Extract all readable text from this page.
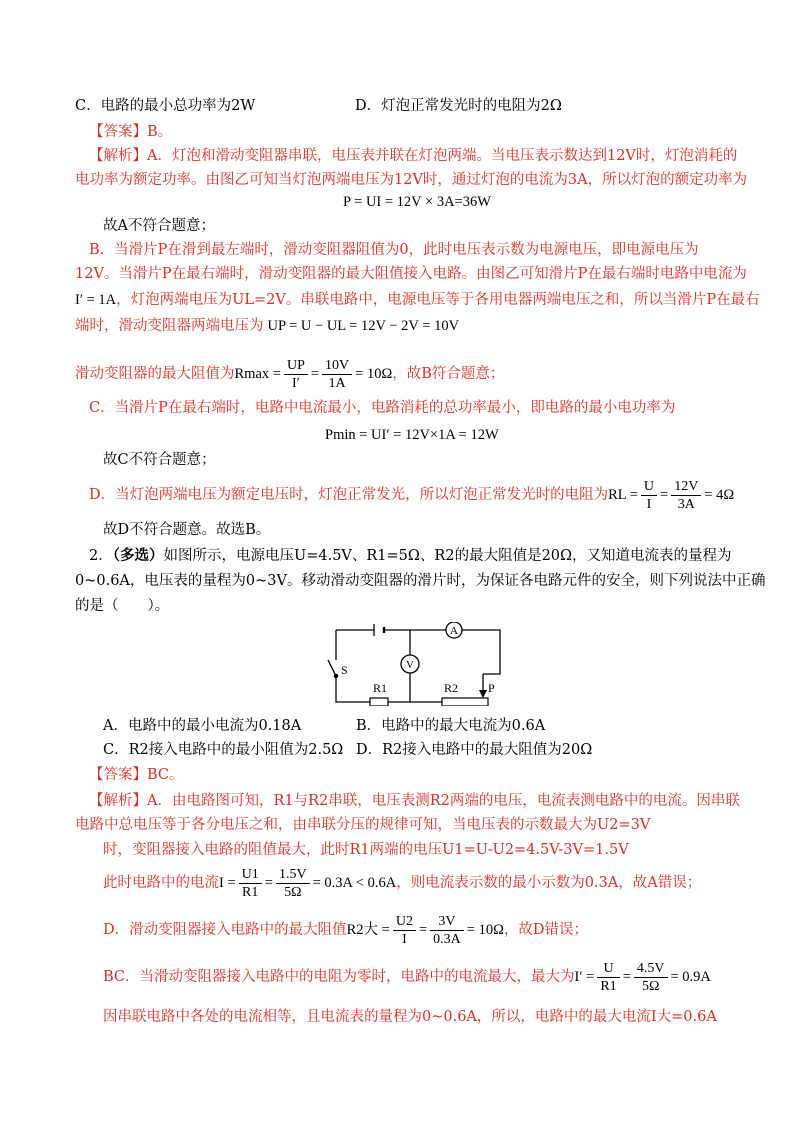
C．电路的最小总功率为2W	D．灯泡正常发光时的电阻为2Ω
【答案】B。
【解析】A．灯泡和滑动变阻器串联，电压表并联在灯泡两端。当电压表示数达到12V时，灯泡消耗的
电功率为额定功率。由图乙可知当灯泡两端电压为12V时，通过灯泡的电流为3A，所以灯泡的额定功率为
P = UI = 12V × 3A=36W
故A不符合题意；
B．当滑片P在滑到最左端时，滑动变阻器阻值为0，此时电压表示数为电源电压，即电源电压为
12V。当滑片P在最右端时，滑动变阻器的最大阻值接入电路。由图乙可知滑片P在最右端时电路中电流为
I′ = 1A，灯泡两端电压为UL=2V。串联电路中，电源电压等于各用电器两端电压之和，所以当滑片P在最右
端时，滑动变阻器两端电压为 UP = U − UL = 12V − 2V = 10V
滑动变阻器的最大阻值为$Rmax = \frac{UP}{I'} = \frac{10V}{1A} = 10\Omega$，故B符合题意；
C．当滑片P在最右端时，电路中电流最小，电路消耗的总功率最小，即电路的最小电功率为
Pmin = UI′ = 12V×1A = 12W
故C不符合题意；
D．当灯泡两端电压为额定电压时，灯泡正常发光，所以灯泡正常发光时的电阻为RL = $\frac{U}{I} = \frac{12V}{3A} = 4\Omega$
故D不符合题意。故选B。
2．（多选）如图所示，电源电压U=4.5V、R1=5Ω、R2的最大阻值是20Ω，又知道电流表的量程为
0~0.6A，电压表的量程为0~3V。移动滑动变阻器的滑片时，为保证各电路元件的安全，则下列说法中正确
的是（　　）。
A
V
S
R1	R2 P
A．电路中的最小电流为0.18A	B．电路中的最大电流为0.6A
C．R2接入电路中的最小阻值为2.5Ω D．R2接入电路中的最大阻值为20Ω
【答案】BC。
【解析】A．由电路图可知，R1与R2串联，电压表测R2两端的电压，电流表测电路中的电流。因串联
电路中总电压等于各分电压之和，由串联分压的规律可知，当电压表的示数最大为U2=3V
时，变阻器接入电路的阻值最大，此时R1两端的电压U1=U-U2=4.5V-3V=1.5V
此时电路中的电流$I = \frac{U1}{R1} = \frac{1.5V}{5\Omega} = 0.3A < 0.6A$，则电流表示数的最小示数为0.3A，故A错误；
D．滑动变阻器接入电路中的最大阻值R2大 = $\frac{U2}{I} = \frac{3V}{0.3A} = 10\Omega$，故D错误；
BC．当滑动变阻器接入电路中的电阻为零时，电路中的电流最大，最大为$I' = \frac{U}{R1} = \frac{4.5V}{5\Omega} = 0.9A$
因串联电路中各处的电流相等，且电流表的量程为0~0.6A，所以，电路中的最大电流I大=0.6A
